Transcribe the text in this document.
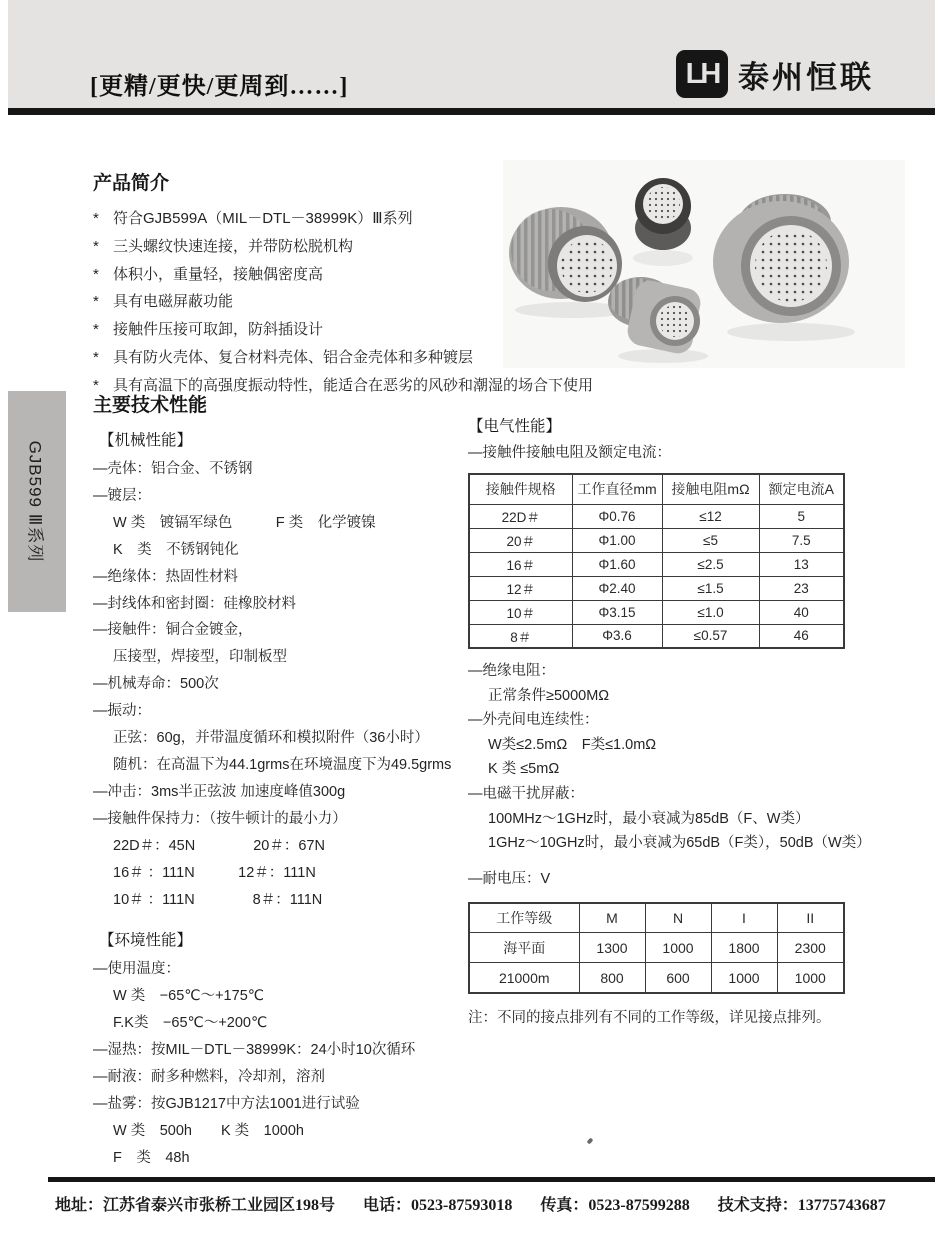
[更精/更快/更周到……]	LH 泰州恒联
GJB599 Ⅲ系列
产品简介
* 符合GJB599A（MIL－DTL－38999K）Ⅲ系列
* 三头螺纹快速连接，并带防松脱机构
* 体积小，重量轻，接触偶密度高
* 具有电磁屏蔽功能
* 接触件压接可取卸，防斜插设计
* 具有防火壳体、复合材料壳体、铝合金壳体和多种镀层
* 具有高温下的高强度振动特性，能适合在恶劣的风砂和潮湿的场合下使用
主要技术性能
【机械性能】
—壳体：铝合金、不锈钢
—镀层：
W 类　镀镉军绿色　　　F 类　化学镀镍
K　类　不锈钢钝化
—绝缘体：热固性材料
—封线体和密封圈：硅橡胶材料
—接触件：铜合金镀金，
压接型，焊接型，印制板型
—机械寿命：500次
—振动：
正弦：60g，并带温度循环和模拟附件（36小时）
随机：在高温下为44.1grms在环境温度下为49.5grms
—冲击：3ms半正弦波 加速度峰值300g
—接触件保持力：（按牛顿计的最小力）
22D＃：45N　　　　20＃：67N
16＃ ：111N　　　12＃：111N
10＃ ：111N　　　　8＃：111N
【环境性能】
—使用温度：
W 类　−65℃～+175℃
F.K类　−65℃～+200℃
—湿热：按MIL－DTL－38999K：24小时10次循环
—耐液：耐多种燃料，冷却剂，溶剂
—盐雾：按GJB1217中方法1001进行试验
W 类　500h　　K 类　1000h
F　类　48h
【电气性能】
—接触件接触电阻及额定电流：
接触件规格	工作直径mm	接触电阻mΩ	额定电流A
22D＃	Φ0.76	≤12	5
20＃	Φ1.00	≤5	7.5
16＃	Φ1.60	≤2.5	13
12＃	Φ2.40	≤1.5	23
10＃	Φ3.15	≤1.0	40
8＃	Φ3.6	≤0.57	46
—绝缘电阻：
正常条件≥5000MΩ
—外壳间电连续性：
W类≤2.5mΩ　F类≤1.0mΩ
K 类 ≤5mΩ
—电磁干扰屏蔽：
100MHz～1GHz时，最小衰减为85dB（F、W类）
1GHz～10GHz时，最小衰减为65dB（F类），50dB（W类）
—耐电压：V
工作等级	M	N	I	II
海平面	1300	1000	1800	2300
21000m	800	600	1000	1000
注：不同的接点排列有不同的工作等级，详见接点排列。
地址：江苏省泰兴市张桥工业园区198号 电话：0523-87593018 传真：0523-87599288 技术支持：13775743687
